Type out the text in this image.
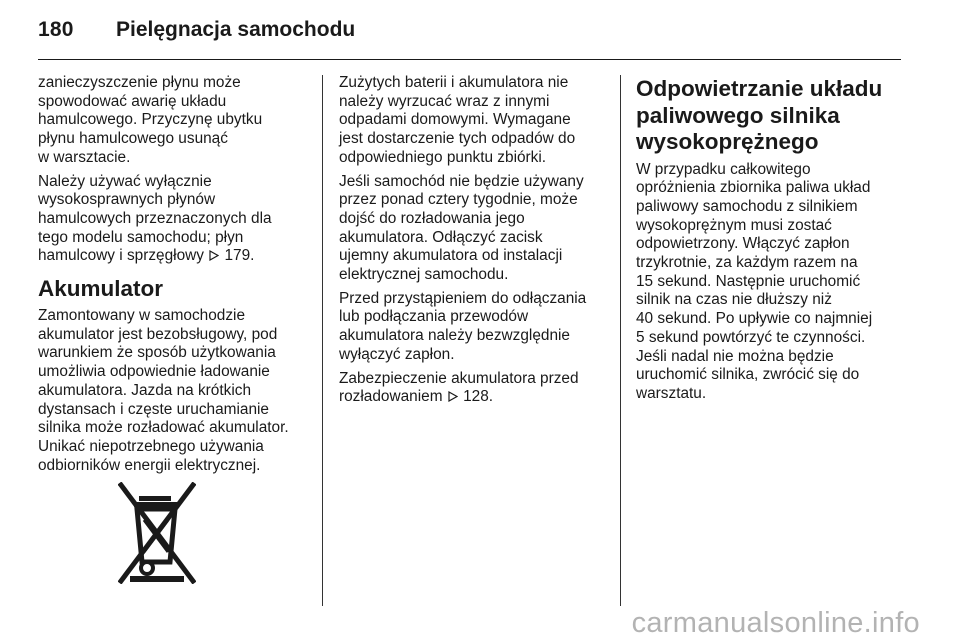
180 Pielęgnacja samochodu

zanieczyszczenie płynu może
spowodować awarię układu
hamulcowego. Przyczynę ubytku
płynu hamulcowego usunąć
w warsztacie.

Należy używać wyłącznie
wysokosprawnych płynów
hamulcowych przeznaczonych dla
tego modelu samochodu; płyn
hamulcowy i sprzęgłowy  179.

Akumulator

Zamontowany w samochodzie
akumulator jest bezobsługowy, pod
warunkiem że sposób użytkowania
umożliwia odpowiednie ładowanie
akumulatora. Jazda na krótkich
dystansach i częste uruchamianie
silnika może rozładować akumulator.
Unikać niepotrzebnego używania
odbiorników energii elektrycznej.

Zużytych baterii i akumulatora nie
należy wyrzucać wraz z innymi
odpadami domowymi. Wymagane
jest dostarczenie tych odpadów do
odpowiedniego punktu zbiórki.

Jeśli samochód nie będzie używany
przez ponad cztery tygodnie, może
dojść do rozładowania jego
akumulatora. Odłączyć zacisk
ujemny akumulatora od instalacji
elektrycznej samochodu.

Przed przystąpieniem do odłączania
lub podłączania przewodów
akumulatora należy bezwzględnie
wyłączyć zapłon.

Zabezpieczenie akumulatora przed
rozładowaniem  128.

Odpowietrzanie układu
paliwowego silnika
wysokoprężnego

W przypadku całkowitego
opróżnienia zbiornika paliwa układ
paliwowy samochodu z silnikiem
wysokoprężnym musi zostać
odpowietrzony. Włączyć zapłon
trzykrotnie, za każdym razem na
15 sekund. Następnie uruchomić
silnik na czas nie dłuższy niż
40 sekund. Po upływie co najmniej
5 sekund powtórzyć te czynności.
Jeśli nadal nie można będzie
uruchomić silnika, zwrócić się do
warsztatu.

carmanualsonline.info
